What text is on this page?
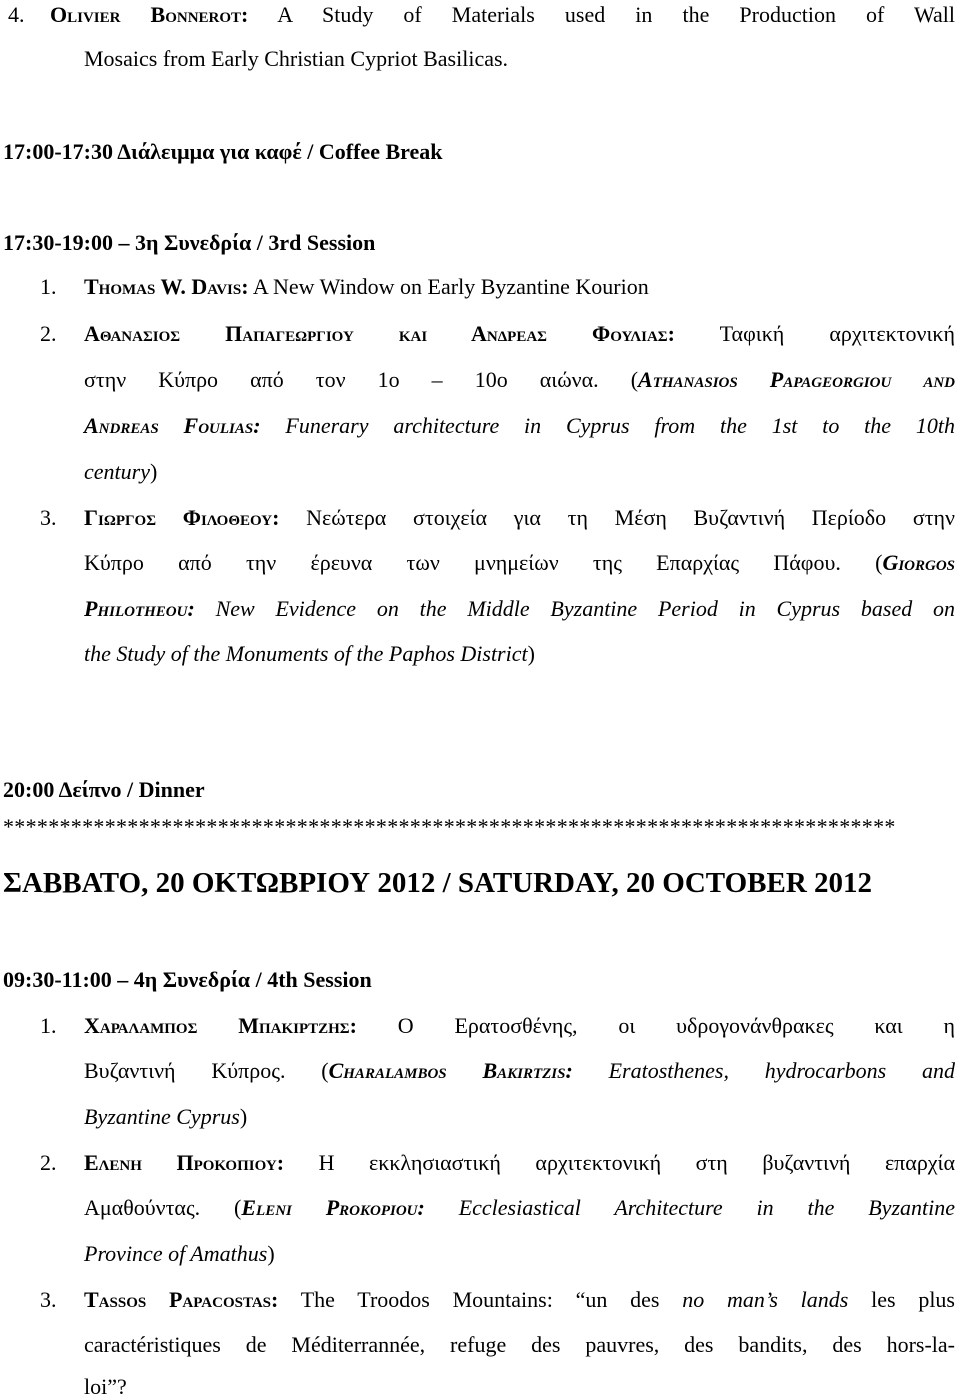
4. Olivier Bonnerot: A Study of Materials used in the Production of Wall
Mosaics from Early Christian Cypriot Basilicas.
17:00-17:30 Διάλειμμα για καφέ / Coffee Break
17:30-19:00 – 3η Συνεδρία / 3rd Session
1. Thomas W. Davis: A New Window on Early Byzantine Kourion
2. Αθανασιος Παπαγεωργιου και Ανδρεας Φουλιας: Ταφική αρχιτεκτονική
στην Κύπρο από τον 1ο – 10ο αιώνα. (Athanasios Papageorgiou and
Andreas Foulias: Funerary architecture in Cyprus from the 1st to the 10th
century)
3. Γιωργος Φιλοθεου: Νεώτερα στοιχεία για τη Μέση Βυζαντινή Περίοδο στην
Κύπρο από την έρευνα των μνημείων της Επαρχίας Πάφου. (Giorgos
Philotheou: New Evidence on the Middle Byzantine Period in Cyprus based on
the Study of the Monuments of the Paphos District)
20:00 Δείπνο / Dinner
*******************************************************************************
ΣΑΒΒΑΤΟ, 20 ΟΚΤΩΒΡΙΟΥ 2012 / SATURDAY, 20 OCTOBER 2012
09:30-11:00 – 4η Συνεδρία / 4th Session
1. Χαραλαμπος Μπακιρτζης: Ο Ερατοσθένης, οι υδρογονάνθρακες και η
Βυζαντινή Κύπρος. (Charalambos Bakirtzis: Eratosthenes, hydrocarbons and
Byzantine Cyprus)
2. Ελενη Προκοπιου: Η εκκλησιαστική αρχιτεκτονική στη βυζαντινή επαρχία
Αμαθούντας. (Eleni Prokopiou: Ecclesiastical Architecture in the Byzantine
Province of Amathus)
3. Tassos Papacostas: The Troodos Mountains: “un des no man’s lands les plus
caractéristiques de Méditerrannée, refuge des pauvres, des bandits, des hors-la-
loi”?
